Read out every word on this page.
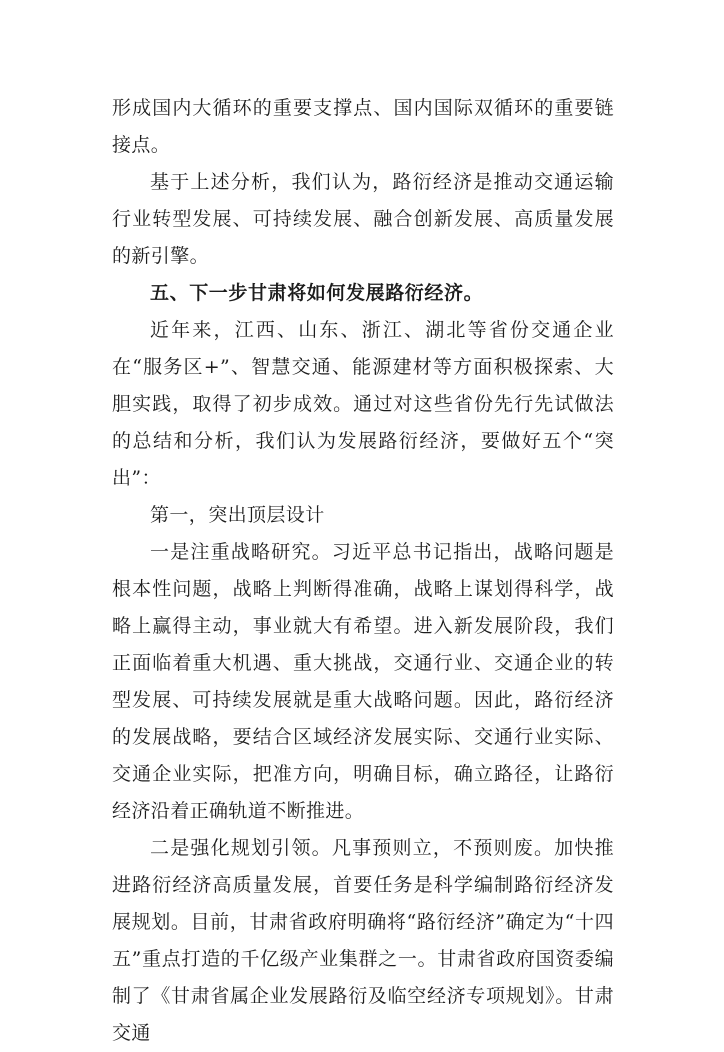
形成国内大循环的重要支撑点、国内国际双循环的重要链接点。

基于上述分析，我们认为，路衍经济是推动交通运输行业转型发展、可持续发展、融合创新发展、高质量发展的新引擎。

五、下一步甘肃将如何发展路衍经济。

近年来，江西、山东、浙江、湖北等省份交通企业在“服务区+”、智慧交通、能源建材等方面积极探索、大胆实践，取得了初步成效。通过对这些省份先行先试做法的总结和分析，我们认为发展路衍经济，要做好五个“突出”：

第一，突出顶层设计

一是注重战略研究。习近平总书记指出，战略问题是根本性问题，战略上判断得准确，战略上谋划得科学，战略上赢得主动，事业就大有希望。进入新发展阶段，我们正面临着重大机遇、重大挑战，交通行业、交通企业的转型发展、可持续发展就是重大战略问题。因此，路衍经济的发展战略，要结合区域经济发展实际、交通行业实际、交通企业实际，把准方向，明确目标，确立路径，让路衍经济沿着正确轨道不断推进。

二是强化规划引领。凡事预则立，不预则废。加快推进路衍经济高质量发展，首要任务是科学编制路衍经济发展规划。目前，甘肃省政府明确将“路衍经济”确定为“十四五”重点打造的千亿级产业集群之一。甘肃省政府国资委编制了《甘肃省属企业发展路衍及临空经济专项规划》。甘肃交通
